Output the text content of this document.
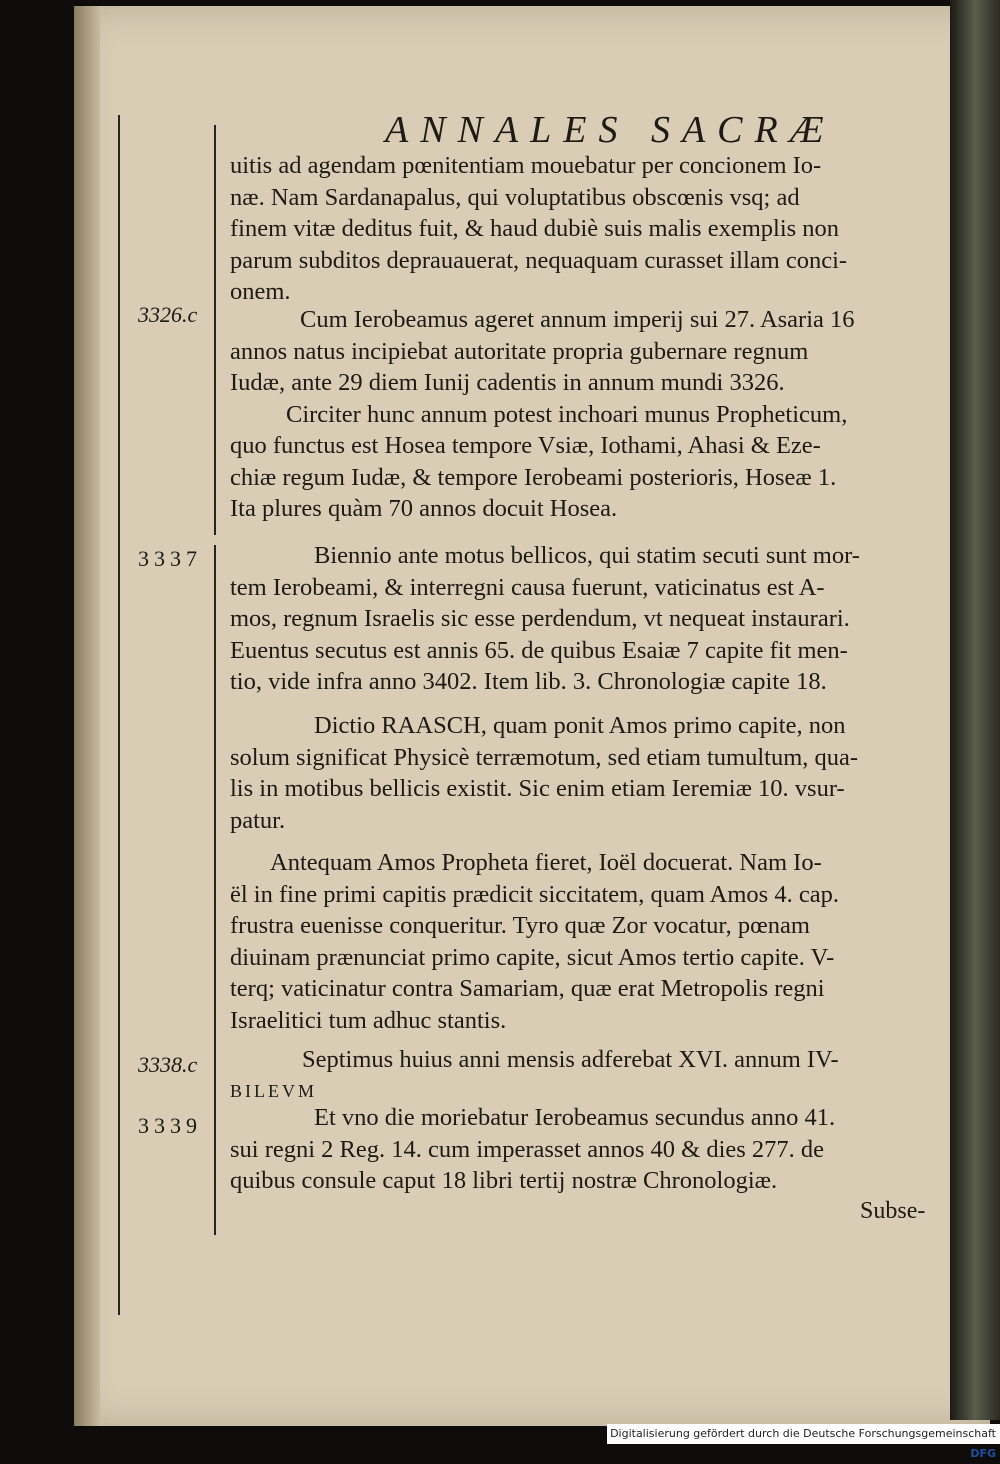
ANNALES SACRÆ
3326.c
3337
3338.c
3339
uitis ad agendam pœnitentiam mouebatur per concionem Io-
næ. Nam Sardanapalus, qui voluptatibus obscœnis vsq; ad
finem vitæ deditus fuit, & haud dubiè suis malis exemplis non
parum subditos deprauauerat, nequaquam curasset illam conci-
onem.
Cum Ierobeamus ageret annum imperij sui 27. Asaria 16
annos natus incipiebat autoritate propria gubernare regnum
Iudæ, ante 29 diem Iunij cadentis in annum mundi 3326.
Circiter hunc annum potest inchoari munus Propheticum,
quo functus est Hosea tempore Vsiæ, Iothami, Ahasi & Eze-
chiæ regum Iudæ, & tempore Ierobeami posterioris, Hoseæ 1.
Ita plures quàm 70 annos docuit Hosea.
Biennio ante motus bellicos, qui statim secuti sunt mor-
tem Ierobeami, & interregni causa fuerunt, vaticinatus est A-
mos, regnum Israelis sic esse perdendum, vt nequeat instaurari.
Euentus secutus est annis 65. de quibus Esaiæ 7 capite fit men-
tio, vide infra anno 3402. Item lib. 3. Chronologiæ capite 18.
Dictio RAASCH, quam ponit Amos primo capite, non
solum significat Physicè terræmotum, sed etiam tumultum, qua-
lis in motibus bellicis existit. Sic enim etiam Ieremiæ 10. vsur-
patur.
Antequam Amos Propheta fieret, Ioël docuerat. Nam Io-
ël in fine primi capitis prædicit siccitatem, quam Amos 4. cap.
frustra euenisse conqueritur. Tyro quæ Zor vocatur, pœnam
diuinam prænunciat primo capite, sicut Amos tertio capite. V-
terq; vaticinatur contra Samariam, quæ erat Metropolis regni
Israelitici tum adhuc stantis.
Septimus huius anni mensis adferebat XVI. annum IV-
BILEVM
Et vno die moriebatur Ierobeamus secundus anno 41.
sui regni 2 Reg. 14. cum imperasset annos 40 & dies 277. de
quibus consule caput 18 libri tertij nostræ Chronologiæ.
Subse-
Digitalisierung gefördert durch die Deutsche Forschungsgemeinschaft DFG
